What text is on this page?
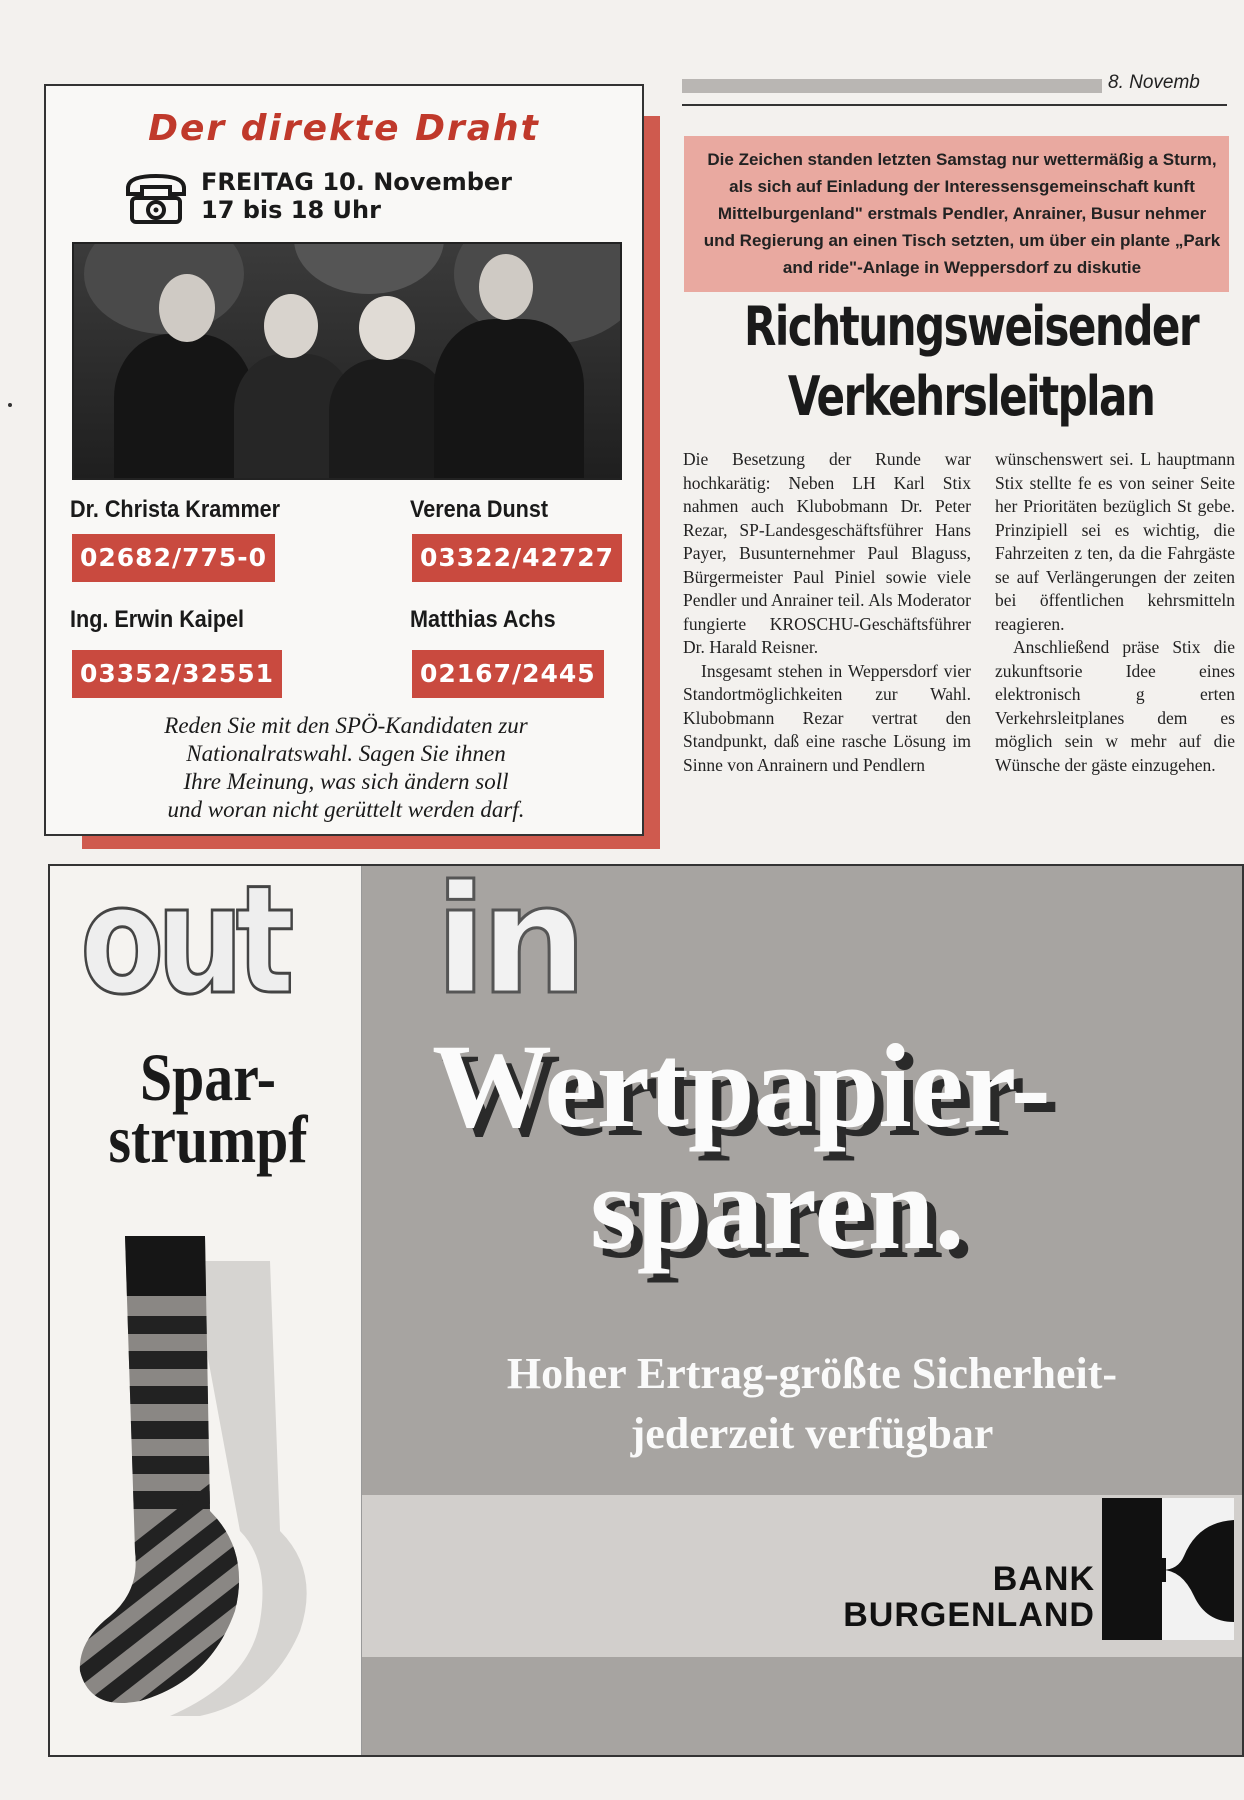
8. Novemb
Der direkte Draht
FREITAG 10. November
17 bis 18 Uhr
Dr. Christa Krammer
02682/775-0
Verena Dunst
03322/42727
Ing. Erwin Kaipel
03352/32551
Matthias Achs
02167/2445
Reden Sie mit den SPÖ-Kandidaten zur
Nationalratswahl. Sagen Sie ihnen
Ihre Meinung, was sich ändern soll
und woran nicht gerüttelt werden darf.
Die Zeichen standen letzten Samstag nur wettermäßig a Sturm, als sich auf Einladung der Interessensgemeinschaft kunft Mittelburgenland" erstmals Pendler, Anrainer, Busur nehmer und Regierung an einen Tisch setzten, um über ein plante „Park and ride"-Anlage in Weppersdorf zu diskutie
Richtungsweisender
Verkehrsleitplan

Die Besetzung der Runde war hochkarätig: Neben LH Karl Stix nahmen auch Klubobmann Dr. Peter Rezar, SP-Landesgeschäftsführer Hans Payer, Busunternehmer Paul Blaguss, Bürgermeister Paul Piniel sowie viele Pendler und Anrainer teil. Als Moderator fungierte KROSCHU-Geschäftsführer Dr. Harald Reisner.

Insgesamt stehen in Weppersdorf vier Standortmöglichkeiten zur Wahl. Klubobmann Rezar vertrat den Standpunkt, daß eine rasche Lösung im Sinne von Anrainern und Pendlern

wünschenswert sei. L hauptmann Stix stellte fe es von seiner Seite her Prioritäten bezüglich St gebe. Prinzipiell sei es wichtig, die Fahrzeiten z ten, da die Fahrgäste se auf Verlängerungen der zeiten bei öffentlichen kehrsmitteln reagieren.

Anschließend präse Stix die zukunftsorie Idee eines elektronisch g erten Verkehrsleitplanes dem es möglich sein w mehr auf die Wünsche der gäste einzugehen.

out
Spar-
strumpf
in
Wertpapier-
sparen.
Hoher Ertrag-größte Sicherheit-
jederzeit verfügbar
BANK
BURGENLAND
